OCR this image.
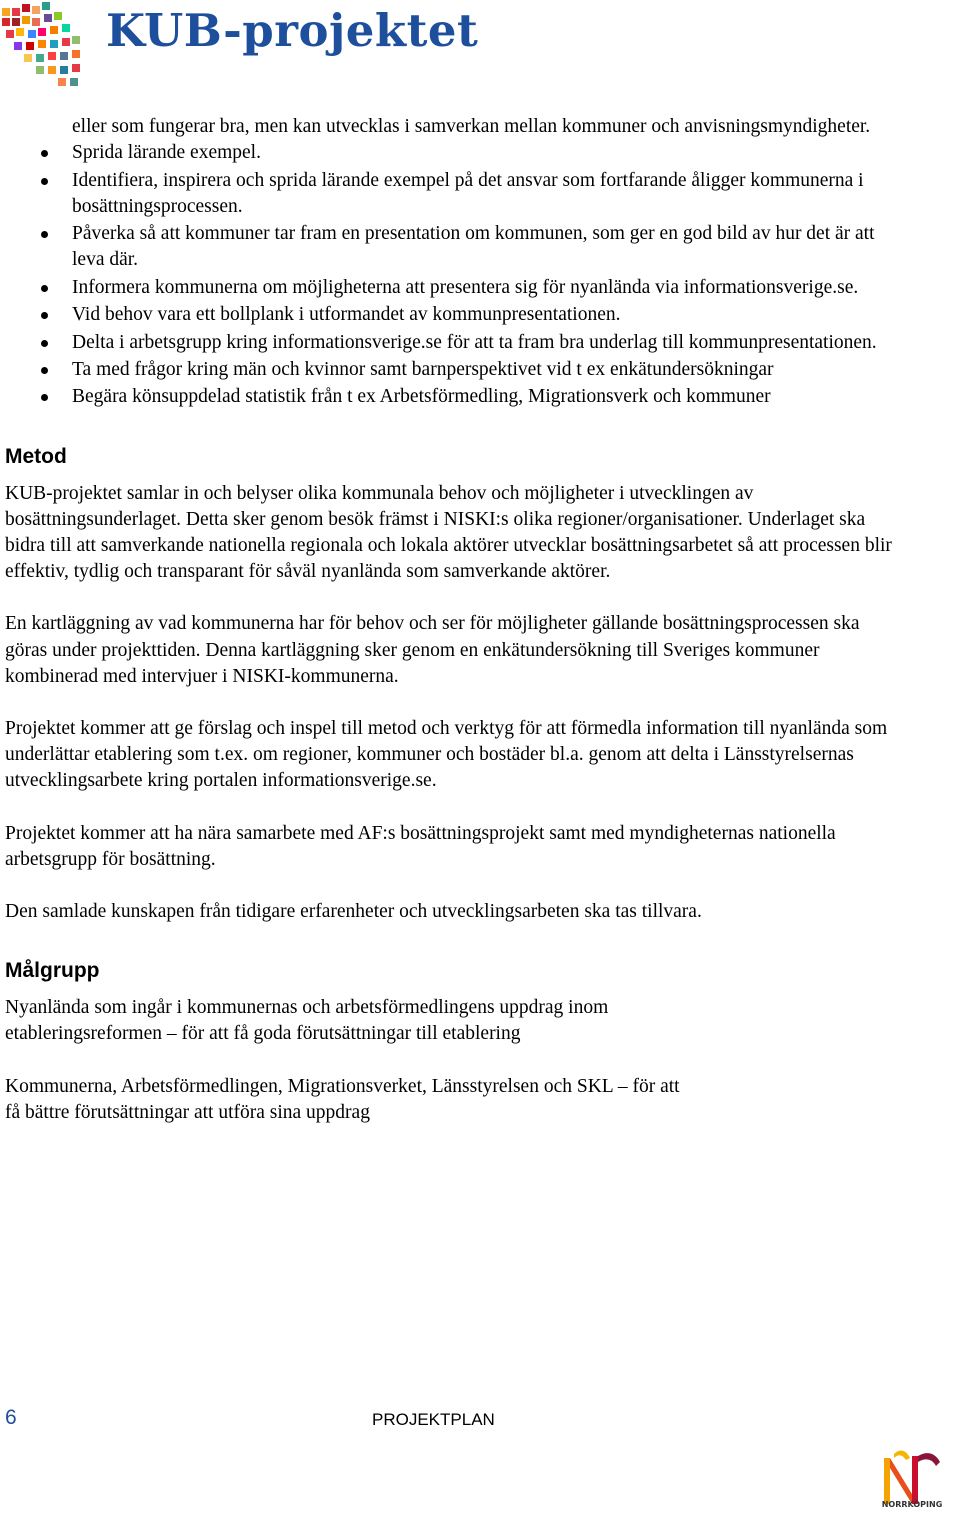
KUB-projektet
eller som fungerar bra, men kan utvecklas i samverkan mellan kommuner och anvisningsmyndigheter.
Sprida lärande exempel.
Identifiera, inspirera och sprida lärande exempel på det ansvar som fortfarande åligger kommunerna i bosättningsprocessen.
Påverka så att kommuner tar fram en presentation om kommunen, som ger en god bild av hur det är att leva där.
Informera kommunerna om möjligheterna att presentera sig för nyanlända via informationsverige.se.
Vid behov vara ett bollplank i utformandet av kommunpresentationen.
Delta i arbetsgrupp kring informationsverige.se för att ta fram bra underlag till kommunpresentationen.
Ta med frågor kring män och kvinnor samt barnperspektivet vid t ex enkätundersökningar
Begära könsuppdelad statistik från t ex Arbetsförmedling, Migrationsverk och kommuner
Metod

KUB-projektet samlar in och belyser olika kommunala behov och möjligheter i utvecklingen av bosättningsunderlaget. Detta sker genom besök främst i NISKI:s olika regioner/organisationer. Underlaget ska bidra till att samverkande nationella regionala och lokala aktörer utvecklar bosättningsarbetet så att processen blir effektiv, tydlig och transparant för såväl nyanlända som samverkande aktörer.

En kartläggning av vad kommunerna har för behov och ser för möjligheter gällande bosättningsprocessen ska göras under projekttiden. Denna kartläggning sker genom en enkätundersökning till Sveriges kommuner kombinerad med intervjuer i NISKI-kommunerna.

Projektet kommer att ge förslag och inspel till metod och verktyg för att förmedla information till nyanlända som underlättar etablering som t.ex. om regioner, kommuner och bostäder bl.a. genom att delta i Länsstyrelsernas utvecklingsarbete kring portalen informationsverige.se.

Projektet kommer att ha nära samarbete med AF:s bosättningsprojekt samt med myndigheternas nationella arbetsgrupp för bosättning.

Den samlade kunskapen från tidigare erfarenheter och utvecklingsarbeten ska tas tillvara.

Målgrupp

Nyanlända som ingår i kommunernas och arbetsförmedlingens uppdrag inom etableringsreformen – för att få goda förutsättningar till etablering

Kommunerna, Arbetsförmedlingen, Migrationsverket, Länsstyrelsen och SKL – för att få bättre förutsättningar att utföra sina uppdrag

6	PROJEKTPLAN
NORRKÖPING
